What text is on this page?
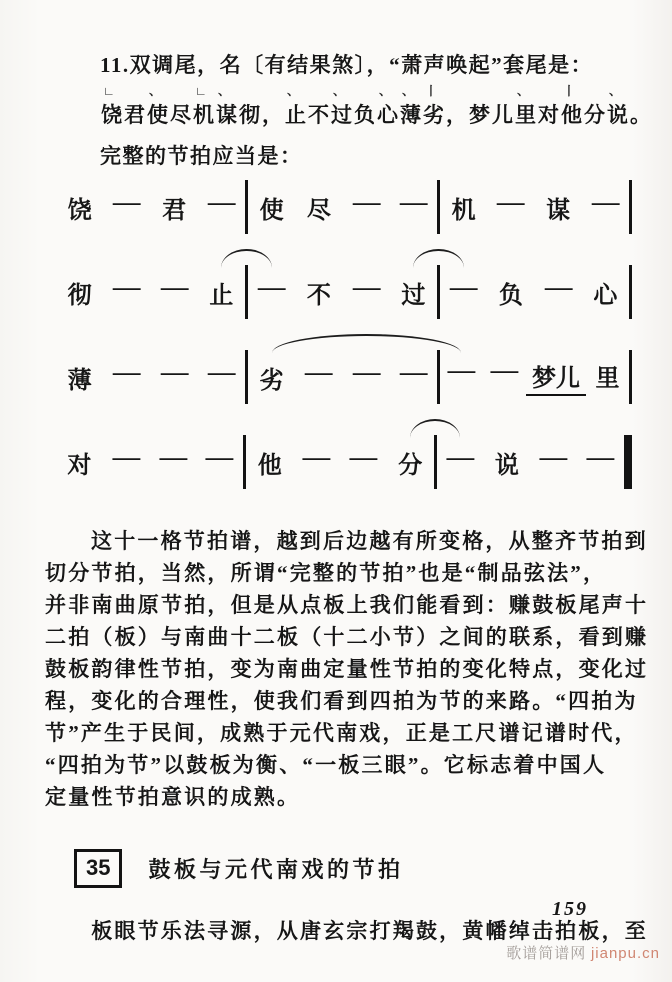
11.双调尾，名〔有结果煞〕，“萧声唤起”套尾是：
饶
∟
君使
、
尽机
∟
谋
、
彻，止
、
不过
、
负心
、
薄
、
劣
丨
，梦儿里
、
对他
丨
分说
、
。
完整的节拍应当是：
饶 — 君 —	使 尽 — —	机 — 谋 —
彻 — — 止	— 不 — 过	— 负 — 心
薄 — — —	劣 — — — — — 梦儿 里
对 — — —	他 — — 分	— 说 — —
这十一格节拍谱，越到后边越有所变格，从整齐节拍到
切分节拍，当然，所谓“完整的节拍”也是“制品弦法”，
并非南曲原节拍，但是从点板上我们能看到：赚鼓板尾声十
二拍（板）与南曲十二板（十二小节）之间的联系，看到赚
鼓板韵律性节拍，变为南曲定量性节拍的变化特点，变化过
程，变化的合理性，使我们看到四拍为节的来路。“四拍为
节”产生于民间，成熟于元代南戏，正是工尺谱记谱时代，
“四拍为节”以鼓板为衡、“一板三眼”。它标志着中国人
定量性节拍意识的成熟。
35	鼓板与元代南戏的节拍
板眼节乐法寻源，从唐玄宗打羯鼓，黄幡绰击拍板，至
159
歌谱简谱网 jianpu.cn
